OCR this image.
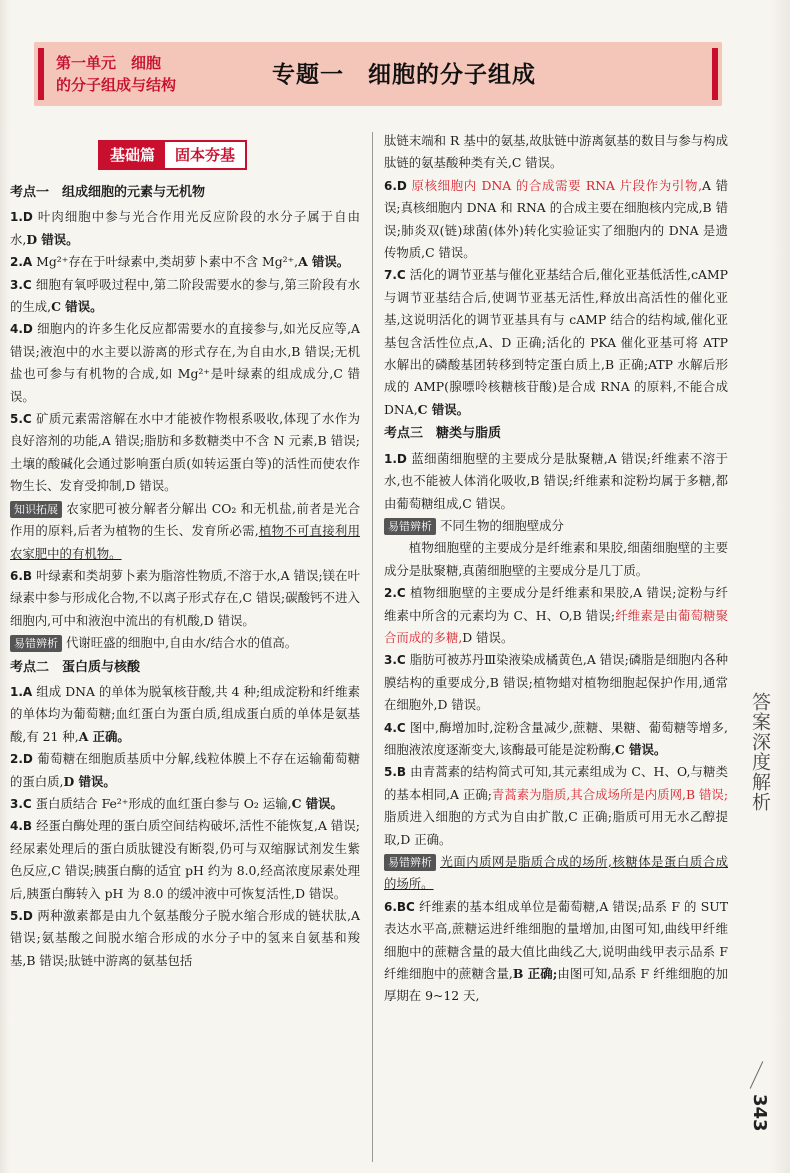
第一单元　细胞
的分子组成与结构	专题一　细胞的分子组成
基础篇	固本夯基
考点一　组成细胞的元素与无机物

1.D 叶肉细胞中参与光合作用光反应阶段的水分子属于自由水,D 错误。

2.A Mg²⁺存在于叶绿素中,类胡萝卜素中不含 Mg²⁺,A 错误。

3.C 细胞有氧呼吸过程中,第二阶段需要水的参与,第三阶段有水的生成,C 错误。

4.D 细胞内的许多生化反应都需要水的直接参与,如光反应等,A 错误;液泡中的水主要以游离的形式存在,为自由水,B 错误;无机盐也可参与有机物的合成,如 Mg²⁺是叶绿素的组成成分,C 错误。

5.C 矿质元素需溶解在水中才能被作物根系吸收,体现了水作为良好溶剂的功能,A 错误;脂肪和多数糖类中不含 N 元素,B 错误;土壤的酸碱化会通过影响蛋白质(如转运蛋白等)的活性而使农作物生长、发育受抑制,D 错误。

知识拓展 农家肥可被分解者分解出 CO₂ 和无机盐,前者是光合作用的原料,后者为植物的生长、发育所必需,植物不可直接利用农家肥中的有机物。

6.B 叶绿素和类胡萝卜素为脂溶性物质,不溶于水,A 错误;镁在叶绿素中参与形成化合物,不以离子形式存在,C 错误;碳酸钙不进入细胞内,可中和液泡中流出的有机酸,D 错误。

易错辨析 代谢旺盛的细胞中,自由水/结合水的值高。

考点二　蛋白质与核酸

1.A 组成 DNA 的单体为脱氧核苷酸,共 4 种;组成淀粉和纤维素的单体均为葡萄糖;血红蛋白为蛋白质,组成蛋白质的单体是氨基酸,有 21 种,A 正确。

2.D 葡萄糖在细胞质基质中分解,线粒体膜上不存在运输葡萄糖的蛋白质,D 错误。

3.C 蛋白质结合 Fe²⁺形成的血红蛋白参与 O₂ 运输,C 错误。

4.B 经蛋白酶处理的蛋白质空间结构破坏,活性不能恢复,A 错误;经尿素处理后的蛋白质肽键没有断裂,仍可与双缩脲试剂发生紫色反应,C 错误;胰蛋白酶的适宜 pH 约为 8.0,经高浓度尿素处理后,胰蛋白酶转入 pH 为 8.0 的缓冲液中可恢复活性,D 错误。

5.D 两种激素都是由九个氨基酸分子脱水缩合形成的链状肽,A 错误;氨基酸之间脱水缩合形成的水分子中的氢来自氨基和羧基,B 错误;肽链中游离的氨基包括

肽链末端和 R 基中的氨基,故肽链中游离氨基的数目与参与构成肽链的氨基酸种类有关,C 错误。

6.D 原核细胞内 DNA 的合成需要 RNA 片段作为引物,A 错误;真核细胞内 DNA 和 RNA 的合成主要在细胞核内完成,B 错误;肺炎双(链)球菌(体外)转化实验证实了细胞内的 DNA 是遗传物质,C 错误。

7.C 活化的调节亚基与催化亚基结合后,催化亚基低活性,cAMP 与调节亚基结合后,使调节亚基无活性,释放出高活性的催化亚基,这说明活化的调节亚基具有与 cAMP 结合的结构域,催化亚基包含活性位点,A、D 正确;活化的 PKA 催化亚基可将 ATP 水解出的磷酸基团转移到特定蛋白质上,B 正确;ATP 水解后形成的 AMP(腺嘌呤核糖核苷酸)是合成 RNA 的原料,不能合成 DNA,C 错误。

考点三　糖类与脂质

1.D 蓝细菌细胞壁的主要成分是肽聚糖,A 错误;纤维素不溶于水,也不能被人体消化吸收,B 错误;纤维素和淀粉均属于多糖,都由葡萄糖组成,C 错误。

易错辨析 不同生物的细胞壁成分

植物细胞壁的主要成分是纤维素和果胶,细菌细胞壁的主要成分是肽聚糖,真菌细胞壁的主要成分是几丁质。

2.C 植物细胞壁的主要成分是纤维素和果胶,A 错误;淀粉与纤维素中所含的元素均为 C、H、O,B 错误;纤维素是由葡萄糖聚合而成的多糖,D 错误。

3.C 脂肪可被苏丹Ⅲ染液染成橘黄色,A 错误;磷脂是细胞内各种膜结构的重要成分,B 错误;植物蜡对植物细胞起保护作用,通常在细胞外,D 错误。

4.C 图中,酶增加时,淀粉含量减少,蔗糖、果糖、葡萄糖等增多,细胞液浓度逐渐变大,该酶最可能是淀粉酶,C 错误。

5.B 由青蒿素的结构简式可知,其元素组成为 C、H、O,与糖类的基本相同,A 正确;青蒿素为脂质,其合成场所是内质网,B 错误;脂质进入细胞的方式为自由扩散,C 正确;脂质可用无水乙醇提取,D 正确。

易错辨析 光面内质网是脂质合成的场所,核糖体是蛋白质合成的场所。

6.BC 纤维素的基本组成单位是葡萄糖,A 错误;品系 F 的 SUT 表达水平高,蔗糖运进纤维细胞的量增加,由图可知,曲线甲纤维细胞中的蔗糖含量的最大值比曲线乙大,说明曲线甲表示品系 F 纤维细胞中的蔗糖含量,B 正确;由图可知,品系 F 纤维细胞的加厚期在 9~12 天,

答案深度解析
343
